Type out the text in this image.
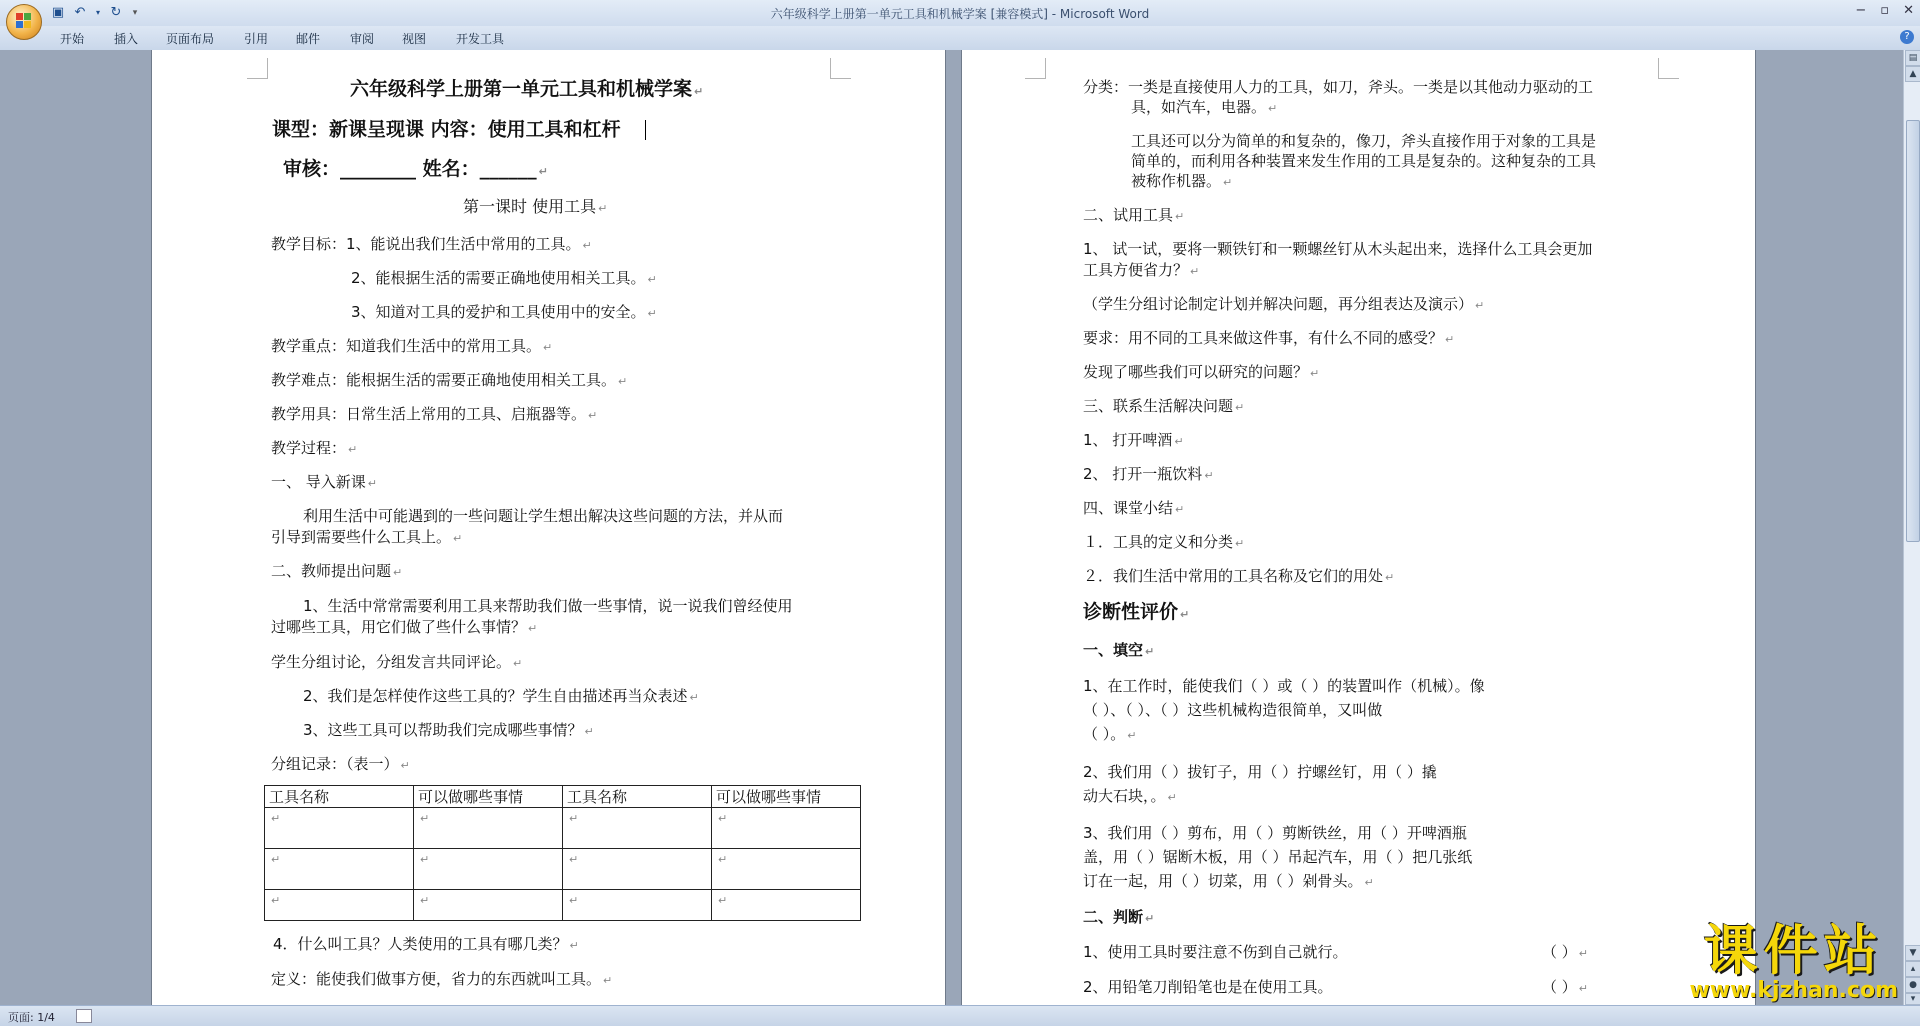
▣ ↶	▾ ↻	▾	六年级科学上册第一单元工具和机械学案 [兼容模式] - Microsoft Word	− ▫ ✕
开始 插入 页面布局 引用 邮件 审阅 视图 开发工具	?
六年级科学上册第一单元工具和机械学案 ↵
课型：新课呈现课 内容：使用工具和杠杆
审核：________ 姓名：______ ↵
第一课时 使用工具 ↵
教学目标：1、能说出我们生活中常用的工具。 ↵
2、能根据生活的需要正确地使用相关工具。 ↵
3、知道对工具的爱护和工具使用中的安全。 ↵
教学重点：知道我们生活中的常用工具。 ↵
教学难点：能根据生活的需要正确地使用相关工具。 ↵
教学用具：日常生活上常用的工具、启瓶器等。 ↵
教学过程： ↵
一、 导入新课 ↵
利用生活中可能遇到的一些问题让学生想出解决这些问题的方法，并从而
引导到需要些什么工具上。 ↵
二、教师提出问题 ↵
1、生活中常常需要利用工具来帮助我们做一些事情，说一说我们曾经使用
过哪些工具，用它们做了些什么事情？ ↵
学生分组讨论，分组发言共同评论。 ↵
2、我们是怎样使作这些工具的？学生自由描述再当众表述 ↵
3、这些工具可以帮助我们完成哪些事情？ ↵
分组记录：（表一） ↵
工具名称	可以做哪些事情	工具名称	可以做哪些事情
↵	↵	↵	↵
↵	↵	↵	↵
↵	↵	↵	↵
4．什么叫工具？人类使用的工具有哪几类？ ↵
定义：能使我们做事方便，省力的东西就叫工具。 ↵
分类：一类是直接使用人力的工具，如刀，斧头。一类是以其他动力驱动的工
具，如汽车，电器。 ↵
工具还可以分为简单的和复杂的，像刀，斧头直接作用于对象的工具是
简单的，而利用各种装置来发生作用的工具是复杂的。这种复杂的工具
被称作机器。 ↵
二、试用工具 ↵
1、 试一试，要将一颗铁钉和一颗螺丝钉从木头起出来，选择什么工具会更加
工具方便省力？ ↵
（学生分组讨论制定计划并解决问题，再分组表达及演示） ↵
要求：用不同的工具来做这件事，有什么不同的感受？ ↵
发现了哪些我们可以研究的问题？ ↵
三、联系生活解决问题 ↵
1、 打开啤酒 ↵
2、 打开一瓶饮料 ↵
四、课堂小结 ↵
１．工具的定义和分类 ↵
２．我们生活中常用的工具名称及它们的用处 ↵
诊断性评价 ↵
一、填空 ↵
1、在工作时，能使我们（ ）或（ ）的装置叫作（机械）。像
（ ）、（ ）、（ ）这些机械构造很简单，又叫做
（ ）。 ↵
2、我们用（ ）拔钉子，用（ ）拧螺丝钉，用（ ）撬
动大石块，。 ↵
3、我们用（ ）剪布，用（ ）剪断铁丝，用（ ）开啤酒瓶
盖，用（ ）锯断木板，用（ ）吊起汽车，用（ ）把几张纸
订在一起，用（ ）切菜，用（ ）剁骨头。 ↵
二、判断 ↵
1、使用工具时要注意不伤到自己就行。	（ ） ↵
2、用铅笔刀削铅笔也是在使用工具。	（ ） ↵
▤
▲
▼
▴
●
▾
页面: 1/4
课件站
www.kjzhan.com
